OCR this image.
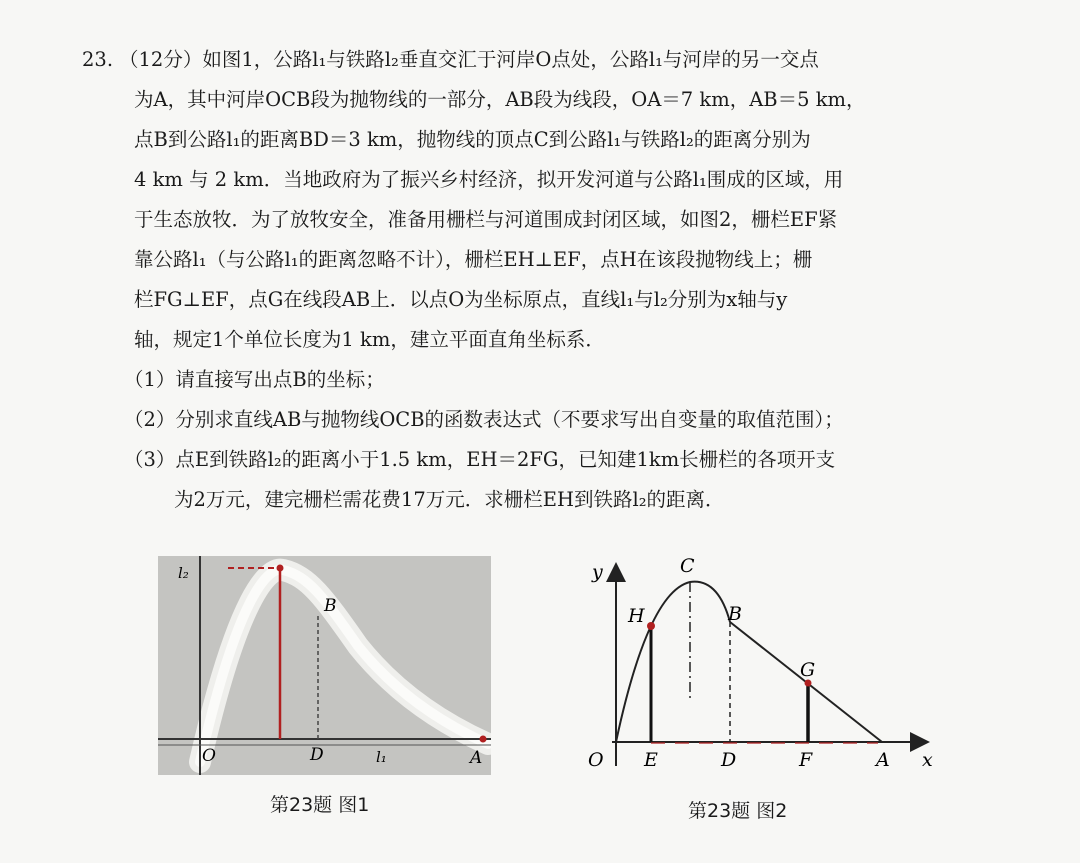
23. （12分）如图1，公路l₁与铁路l₂垂直交汇于河岸O点处，公路l₁与河岸的另一交点
为A，其中河岸OCB段为抛物线的一部分，AB段为线段，OA＝7 km，AB＝5 km，
点B到公路l₁的距离BD＝3 km，抛物线的顶点C到公路l₁与铁路l₂的距离分别为
4 km 与 2 km．当地政府为了振兴乡村经济，拟开发河道与公路l₁围成的区域，用
于生态放牧．为了放牧安全，准备用栅栏与河道围成封闭区域，如图2，栅栏EF紧
靠公路l₁（与公路l₁的距离忽略不计），栅栏EH⊥EF，点H在该段抛物线上；栅
栏FG⊥EF，点G在线段AB上．以点O为坐标原点，直线l₁与l₂分别为x轴与y
轴，规定1个单位长度为1 km，建立平面直角坐标系．
（1）请直接写出点B的坐标；
（2）分别求直线AB与抛物线OCB的函数表达式（不要求写出自变量的取值范围）；
（3）点E到铁路l₂的距离小于1.5 km，EH＝2FG，已知建1km长栅栏的各项开支
为2万元，建完栅栏需花费17万元．求栅栏EH到铁路l₂的距离．
l₂
B
O	D	l₁	A
y	C
H	B
G
O E	D	F	A x
第23题 图1	第23题 图2
